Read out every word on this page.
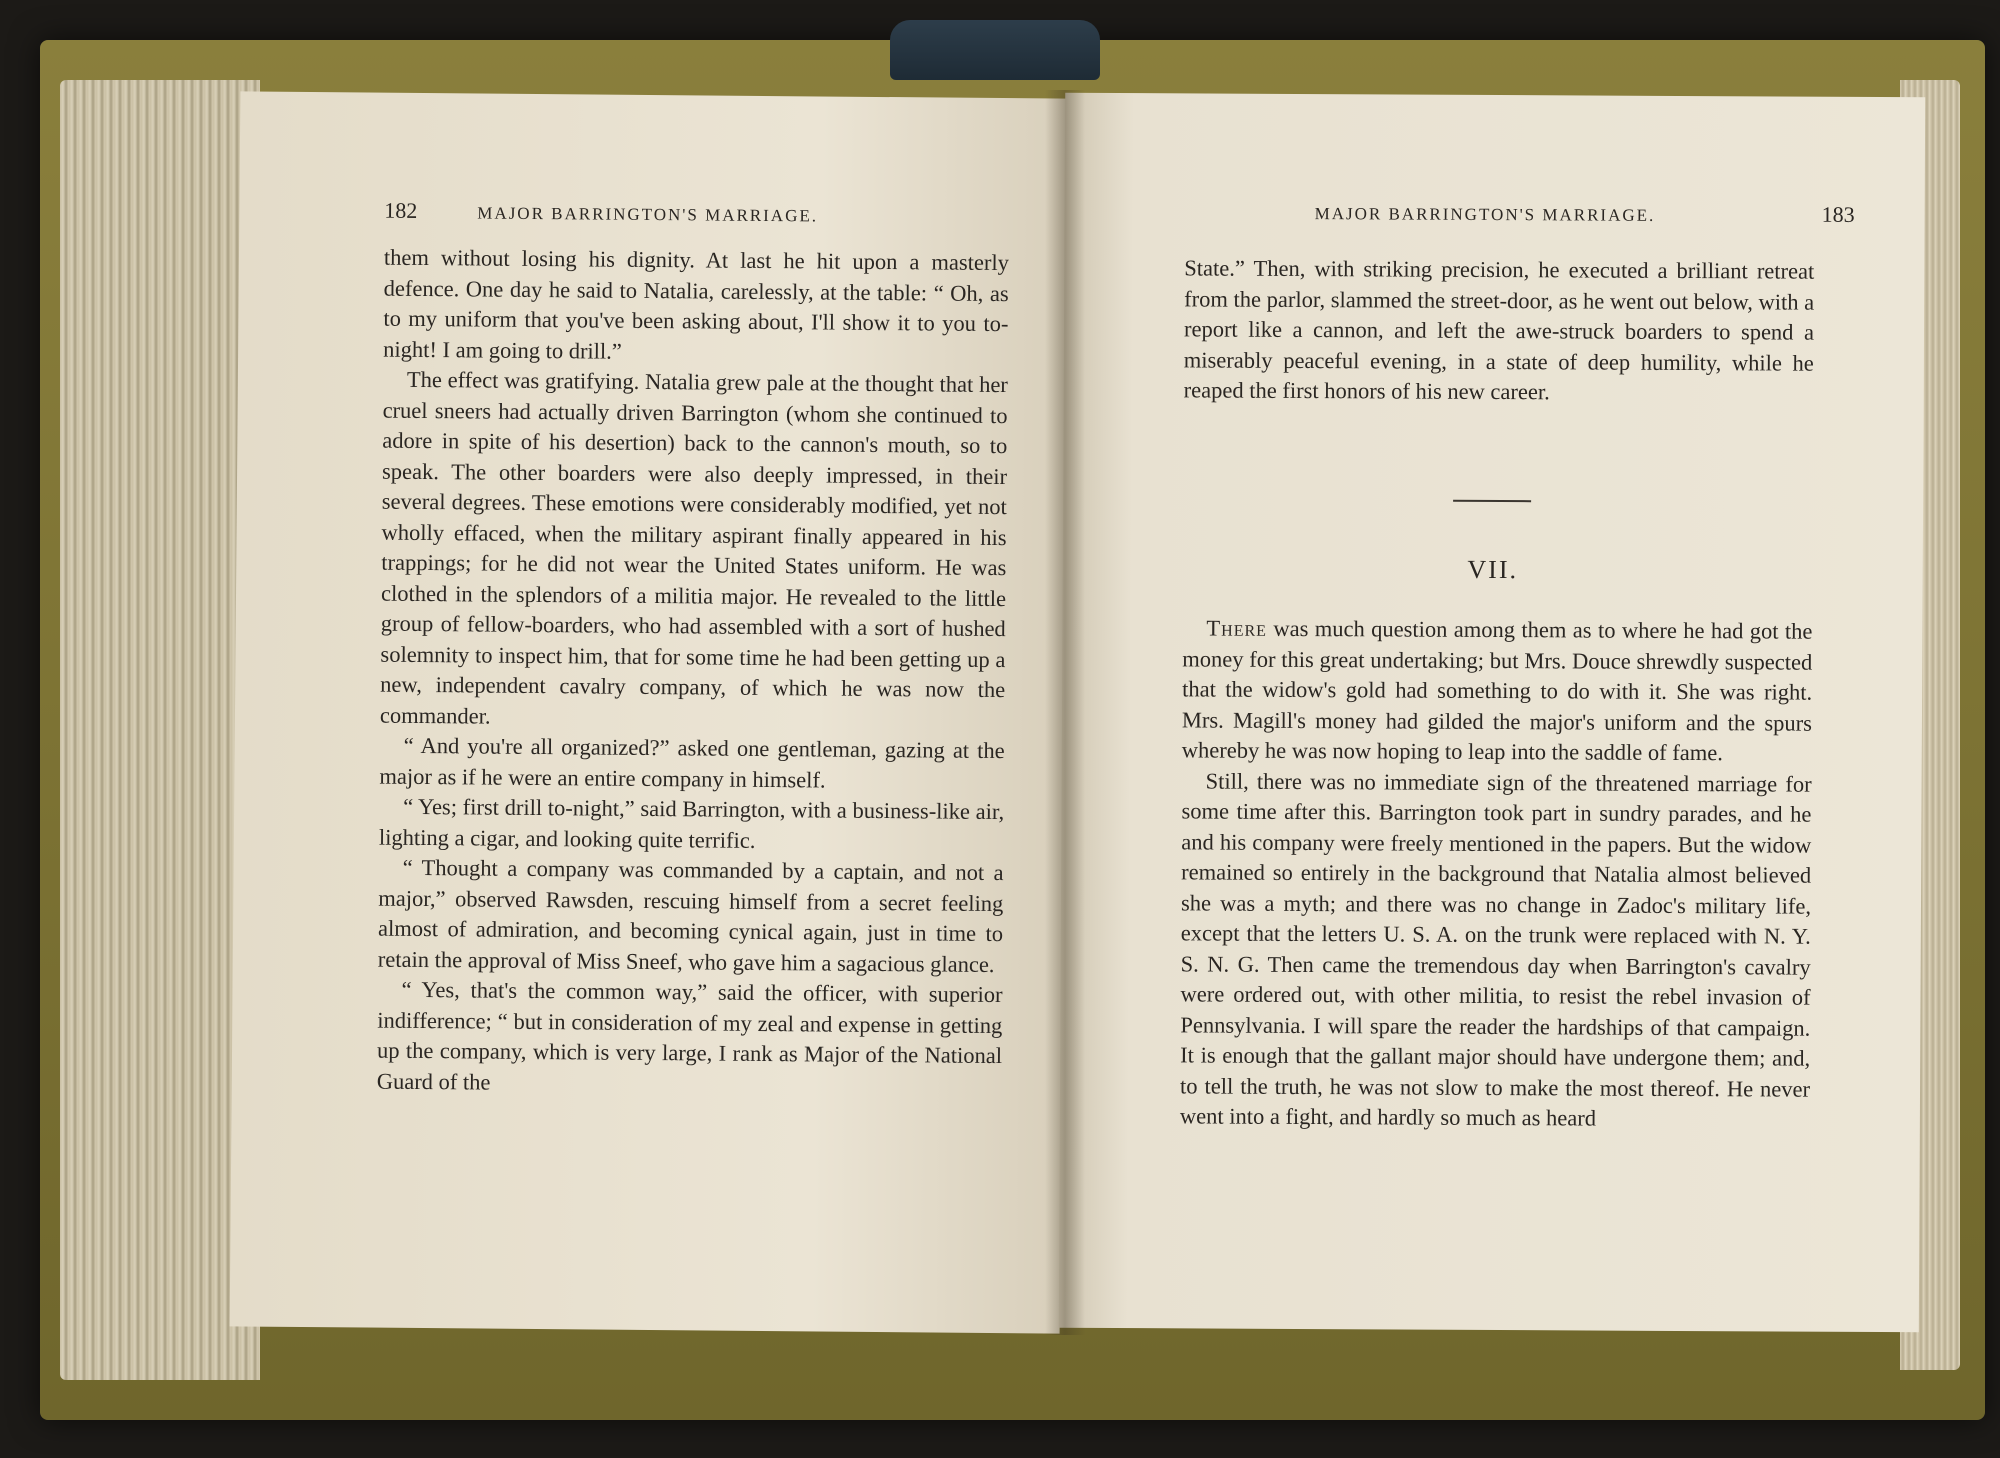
182	MAJOR BARRINGTON'S MARRIAGE.

them without losing his dignity. At last he hit upon a masterly defence. One day he said to Natalia, carelessly, at the table: “ Oh, as to my uniform that you've been asking about, I'll show it to you to-night! I am going to drill.”

The effect was gratifying. Natalia grew pale at the thought that her cruel sneers had actually driven Barrington (whom she continued to adore in spite of his desertion) back to the cannon's mouth, so to speak. The other boarders were also deeply impressed, in their several degrees. These emotions were considerably modified, yet not wholly effaced, when the military aspirant finally appeared in his trappings; for he did not wear the United States uniform. He was clothed in the splendors of a militia major. He revealed to the little group of fellow-boarders, who had assembled with a sort of hushed solemnity to inspect him, that for some time he had been getting up a new, independent cavalry company, of which he was now the commander.

“ And you're all organized?” asked one gentleman, gazing at the major as if he were an entire company in himself.

“ Yes; first drill to-night,” said Barrington, with a business-like air, lighting a cigar, and looking quite terrific.

“ Thought a company was commanded by a captain, and not a major,” observed Rawsden, rescuing himself from a secret feeling almost of admiration, and becoming cynical again, just in time to retain the approval of Miss Sneef, who gave him a sagacious glance.

“ Yes, that's the common way,” said the officer, with superior indifference; “ but in consideration of my zeal and expense in getting up the company, which is very large, I rank as Major of the National Guard of the

MAJOR BARRINGTON'S MARRIAGE.	183

State.” Then, with striking precision, he executed a brilliant retreat from the parlor, slammed the street-door, as he went out below, with a report like a cannon, and left the awe-struck boarders to spend a miserably peaceful evening, in a state of deep humility, while he reaped the first honors of his new career.

VII.

There was much question among them as to where he had got the money for this great undertaking; but Mrs. Douce shrewdly suspected that the widow's gold had something to do with it. She was right. Mrs. Magill's money had gilded the major's uniform and the spurs whereby he was now hoping to leap into the saddle of fame.

Still, there was no immediate sign of the threatened marriage for some time after this. Barrington took part in sundry parades, and he and his company were freely mentioned in the papers. But the widow remained so entirely in the background that Natalia almost believed she was a myth; and there was no change in Zadoc's military life, except that the letters U. S. A. on the trunk were replaced with N. Y. S. N. G. Then came the tremendous day when Barrington's cavalry were ordered out, with other militia, to resist the rebel invasion of Pennsylvania. I will spare the reader the hardships of that campaign. It is enough that the gallant major should have undergone them; and, to tell the truth, he was not slow to make the most thereof. He never went into a fight, and hardly so much as heard
